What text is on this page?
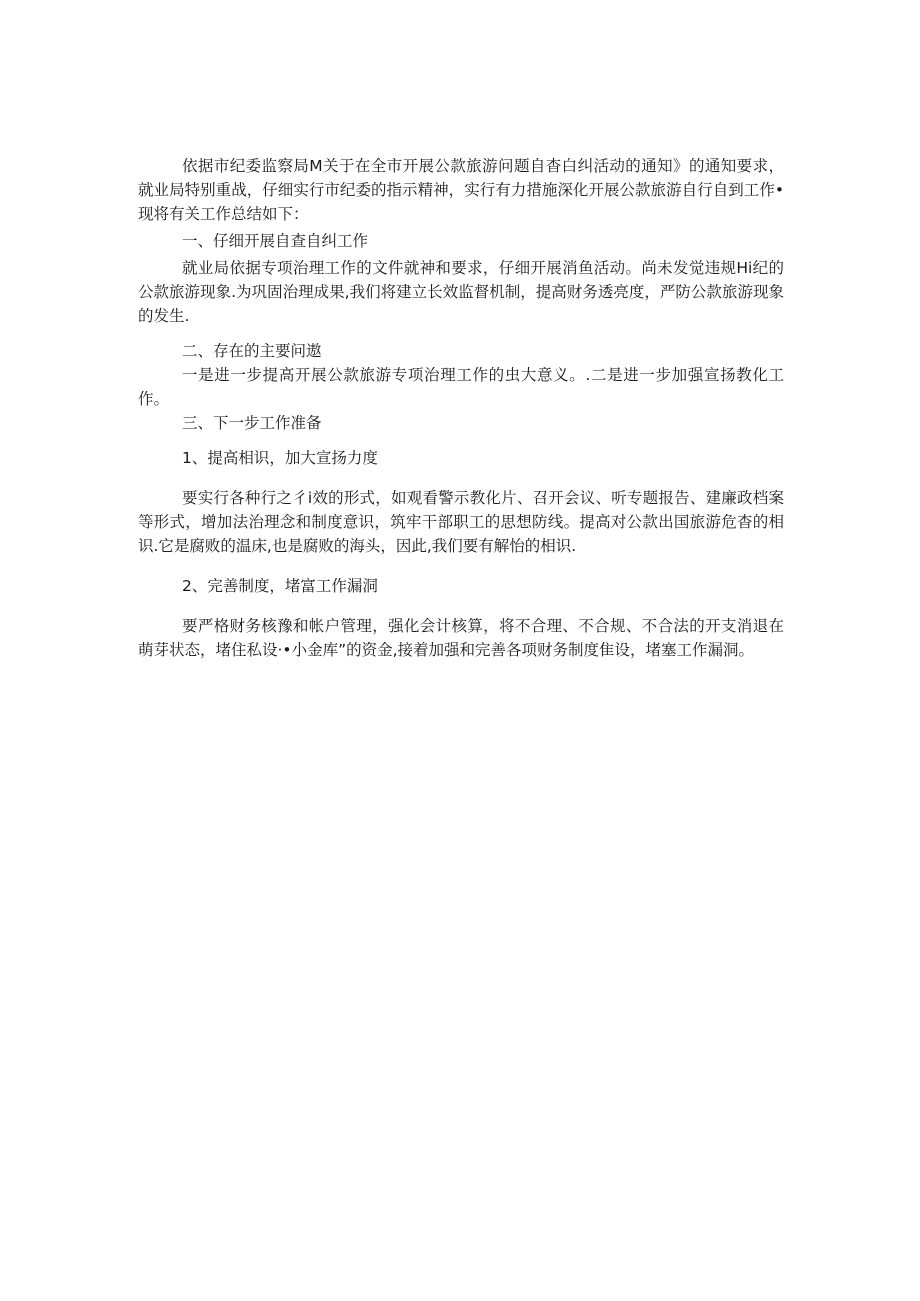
依据市纪委监察局M关于在全市开展公款旅游问题自杳白纠活动的通知》的通知要求，就业局特别重战，仔细实行市纪委的指示精神，实行有力措施深化开展公款旅游自行自到工作•现将有关工作总结如下：

一、仔细开展自查自纠工作

就业局依据专项治理工作的文件就神和要求，仔细开展消鱼活动。尚未发觉违规Hi纪的公款旅游现象.为巩固治理成果,我们将建立长效监督机制，提高财务透亮度，严防公款旅游现象的发生.

二、存在的主要问遨

一是进一步提高开展公款旅游专项治理工作的虫大意义。.二是进一步加强宣扬教化工作。

三、下一步工作准备

1、提高相识，加大宣扬力度

要实行各种行之彳i效的形式，如观看警示教化片、召开会议、听专题报告、建廉政档案等形式，增加法治理念和制度意识，筑牢干部职工的思想防线。提高对公款出国旅游危杳的相识.它是腐败的温床,也是腐败的海头，因此,我们要有解怡的相识.

2、完善制度，堵富工作漏洞

要严格财务核豫和帐户管理，强化会计核算，将不合理、不合规、不合法的开支消退在萌芽状态，堵住私设·•小金库”的资金,接着加强和完善各项财务制度隹设，堵塞工作漏洞。
